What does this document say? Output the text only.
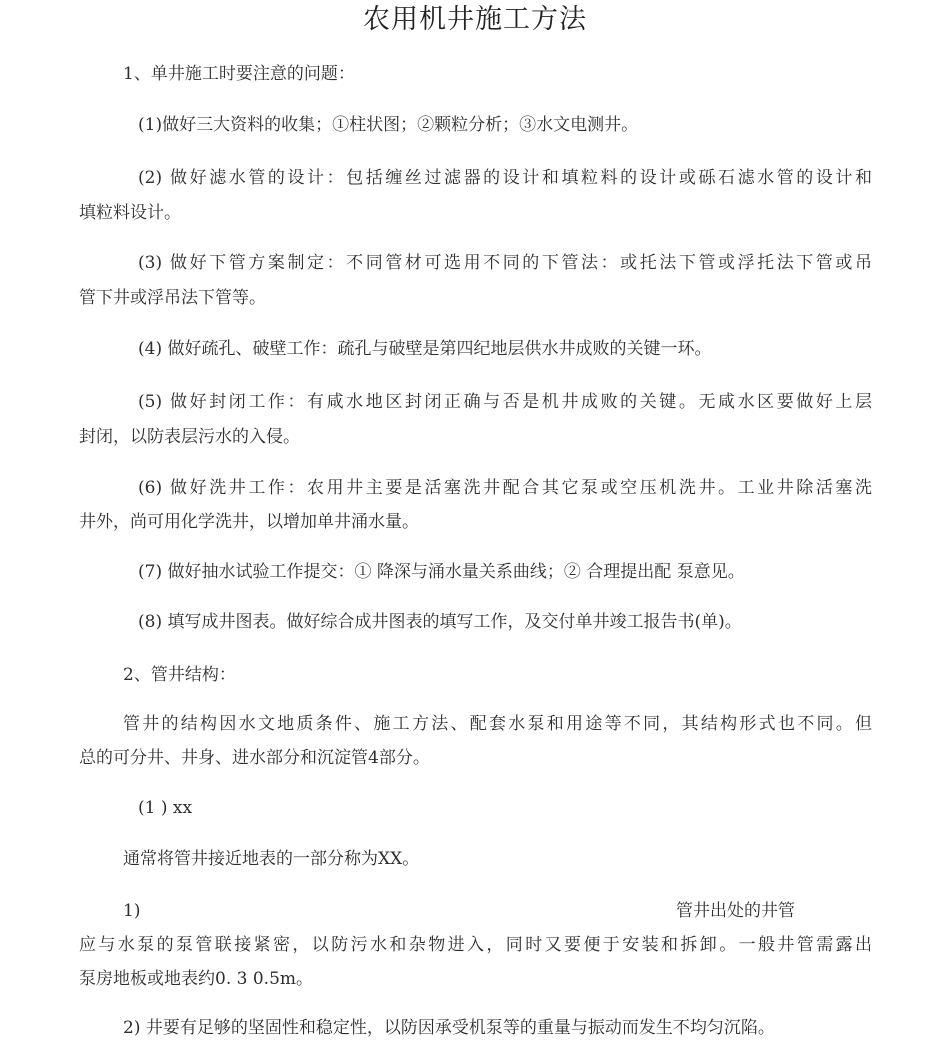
农用机井施工方法
1、单井施工时要注意的问题：
(1)做好三大资料的收集；①柱状图；②颗粒分析；③水文电测井。
(2) 做好滤水管的设计：包括缠丝过滤器的设计和填粒料的设计或砾石滤水管的设计和
填粒料设计。
(3) 做好下管方案制定：不同管材可选用不同的下管法：或托法下管或浮托法下管或吊
管下井或浮吊法下管等。
(4) 做好疏孔、破壁工作：疏孔与破壁是第四纪地层供水井成败的关键一环。
(5) 做好封闭工作：有咸水地区封闭正确与否是机井成败的关键。无咸水区要做好上层
封闭，以防表层污水的入侵。
(6) 做好洗井工作：农用井主要是活塞洗井配合其它泵或空压机洗井。工业井除活塞洗
井外，尚可用化学洗井，以增加单井涌水量。
(7) 做好抽水试验工作提交：① 降深与涌水量关系曲线；② 合理提出配 泵意见。
(8) 填写成井图表。做好综合成井图表的填写工作，及交付单井竣工报告书(单)。
2、管井结构：
管井的结构因水文地质条件、施工方法、配套水泵和用途等不同，其结构形式也不同。但
总的可分井、井身、进水部分和沉淀管4部分。
(1 ) xx
通常将管井接近地表的一部分称为XX。
1)	管井出处的井管
应与水泵的泵管联接紧密，以防污水和杂物进入，同时又要便于安装和拆卸。一般井管需露出
泵房地板或地表约0. 3 0.5m。
2) 井要有足够的坚固性和稳定性，以防因承受机泵等的重量与振动而发生不均匀沉陷。
